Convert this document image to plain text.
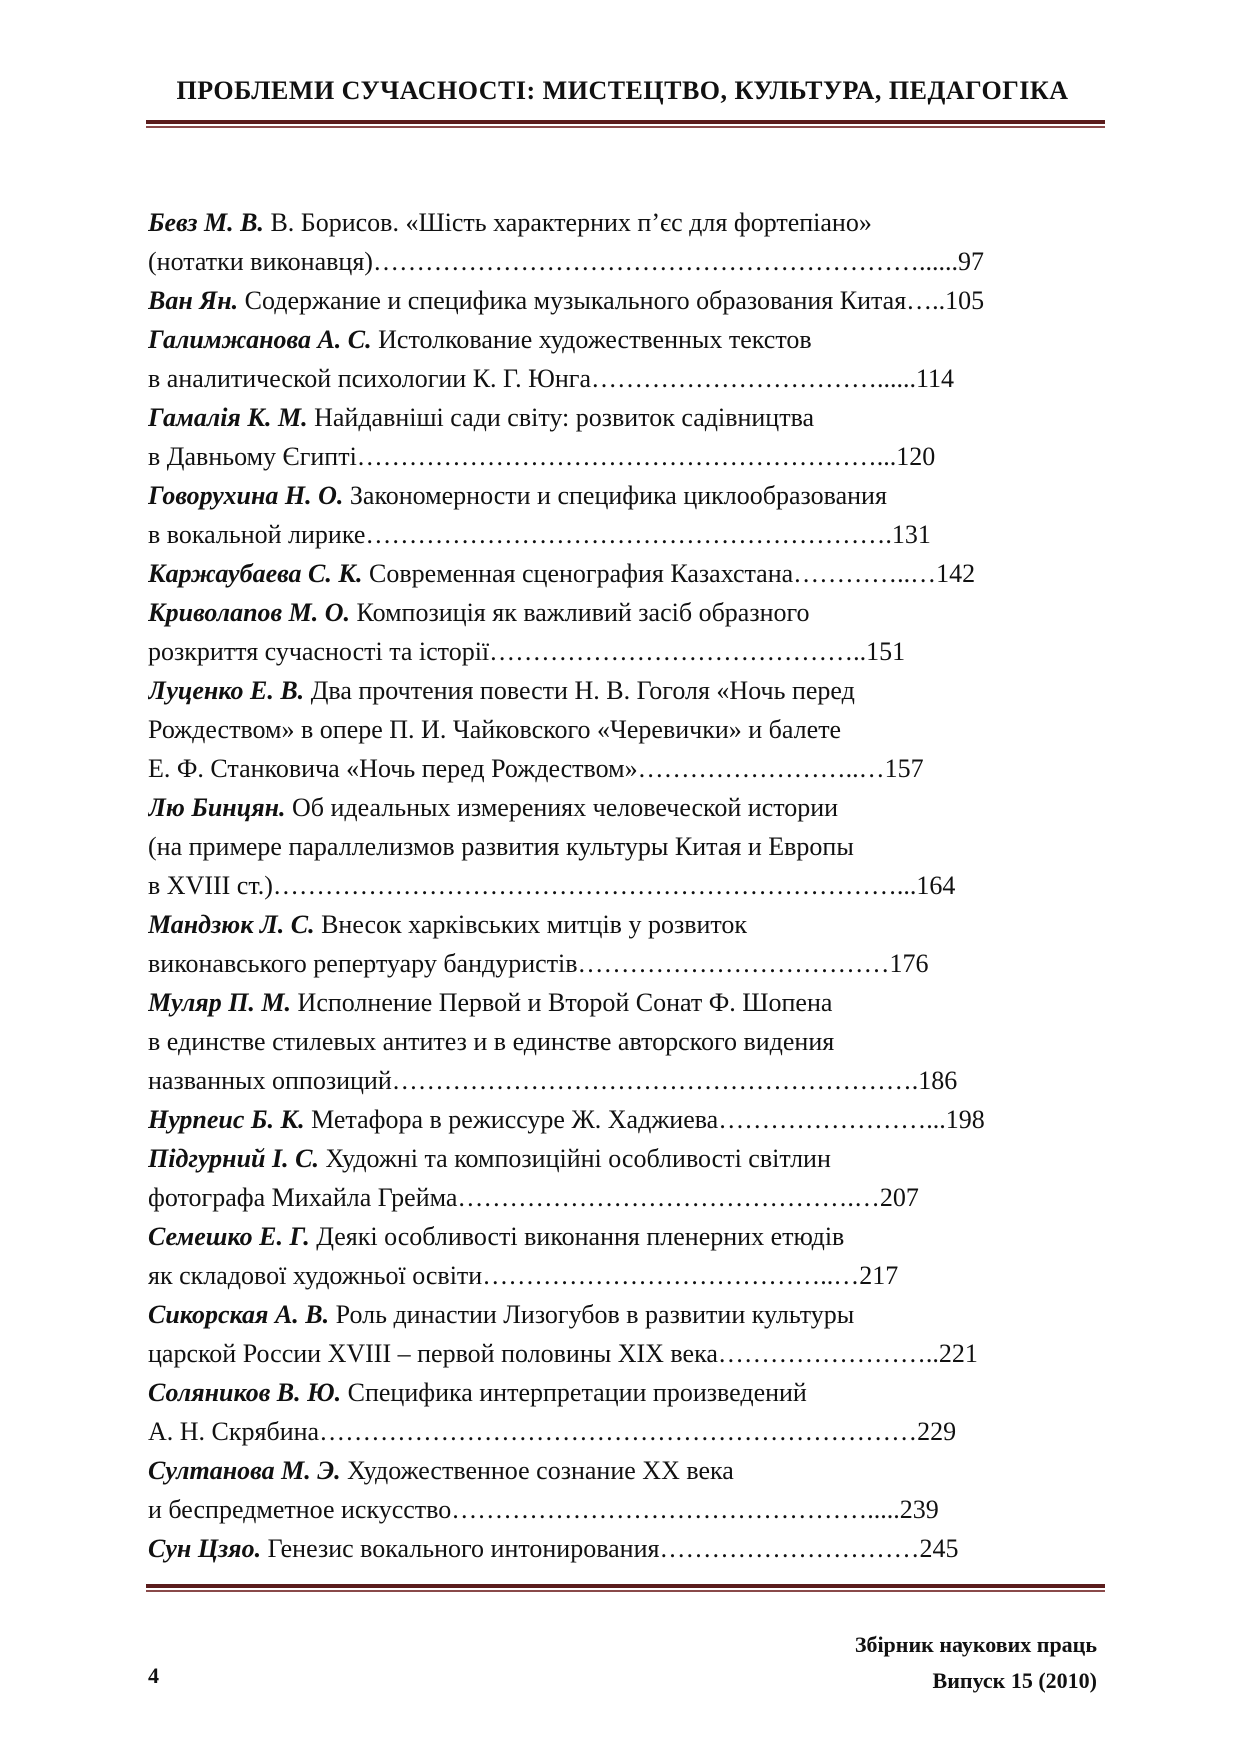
ПРОБЛЕМИ СУЧАСНОСТІ: МИСТЕЦТВО, КУЛЬТУРА, ПЕДАГОГІКА
Бевз М. В. В. Борисов. «Шість характерних п’єс для фортепіано»
(нотатки виконавця)………………………………………………………......97
Ван Ян. Содержание и специфика музыкального образования Китая…..105
Галимжанова А. С. Истолкование художественных текстов
в аналитической психологии К. Г. Юнга……………………………......114
Гамалія К. М. Найдавніші сади світу: розвиток садівництва
в Давньому Єгипті……………………………………………………...120
Говорухина Н. О. Закономерности и специфика циклообразования
в вокальной лирике…………………………………………………….131
Каржаубаева С. К. Современная сценография Казахстана…………..…142
Криволапов М. О. Композиція як важливий засіб образного
розкриття сучасності та історії……………………………………..151
Луценко Е. В. Два прочтения повести Н. В. Гоголя «Ночь перед
Рождеством» в опере П. И. Чайковского «Черевички» и балете
Е. Ф. Станковича «Ночь перед Рождеством»……………………..…157
Лю Бинцян. Об идеальных измерениях человеческой истории
(на примере параллелизмов развития культуры Китая и Европы
в XVIII ст.)………………………………………………………………...164
Мандзюк Л. С. Внесок харківських митців у розвиток
виконавського репертуару бандуристів………………………………176
Муляр П. М. Исполнение Первой и Второй Сонат Ф. Шопена
в единстве стилевых антитез и в единстве авторского видения
названных оппозиций…………………………………………………….186
Нурпеис Б. К. Метафора в режиссуре Ж. Хаджиева……………………...198
Підгурний І. С. Художні та композиційні особливості світлин
фотографа Михайла Грейма……………………………………….…207
Семешко Е. Г. Деякі особливості виконання пленерних етюдів
як складової художньої освіти…………………………………..…217
Сикорская А. В. Роль династии Лизогубов в развитии культуры
царской России XVIII – первой половины XIX века……………………..221
Соляников В. Ю. Специфика интерпретации произведений
А. Н. Скрябина……………………………………………………………229
Султанова М. Э. Художественное сознание XX века
и беспредметное искусство………………………………………….....239
Сун Цзяо. Генезис вокального интонирования…………………………245
4
Збірник наукових праць
Випуск 15 (2010)
